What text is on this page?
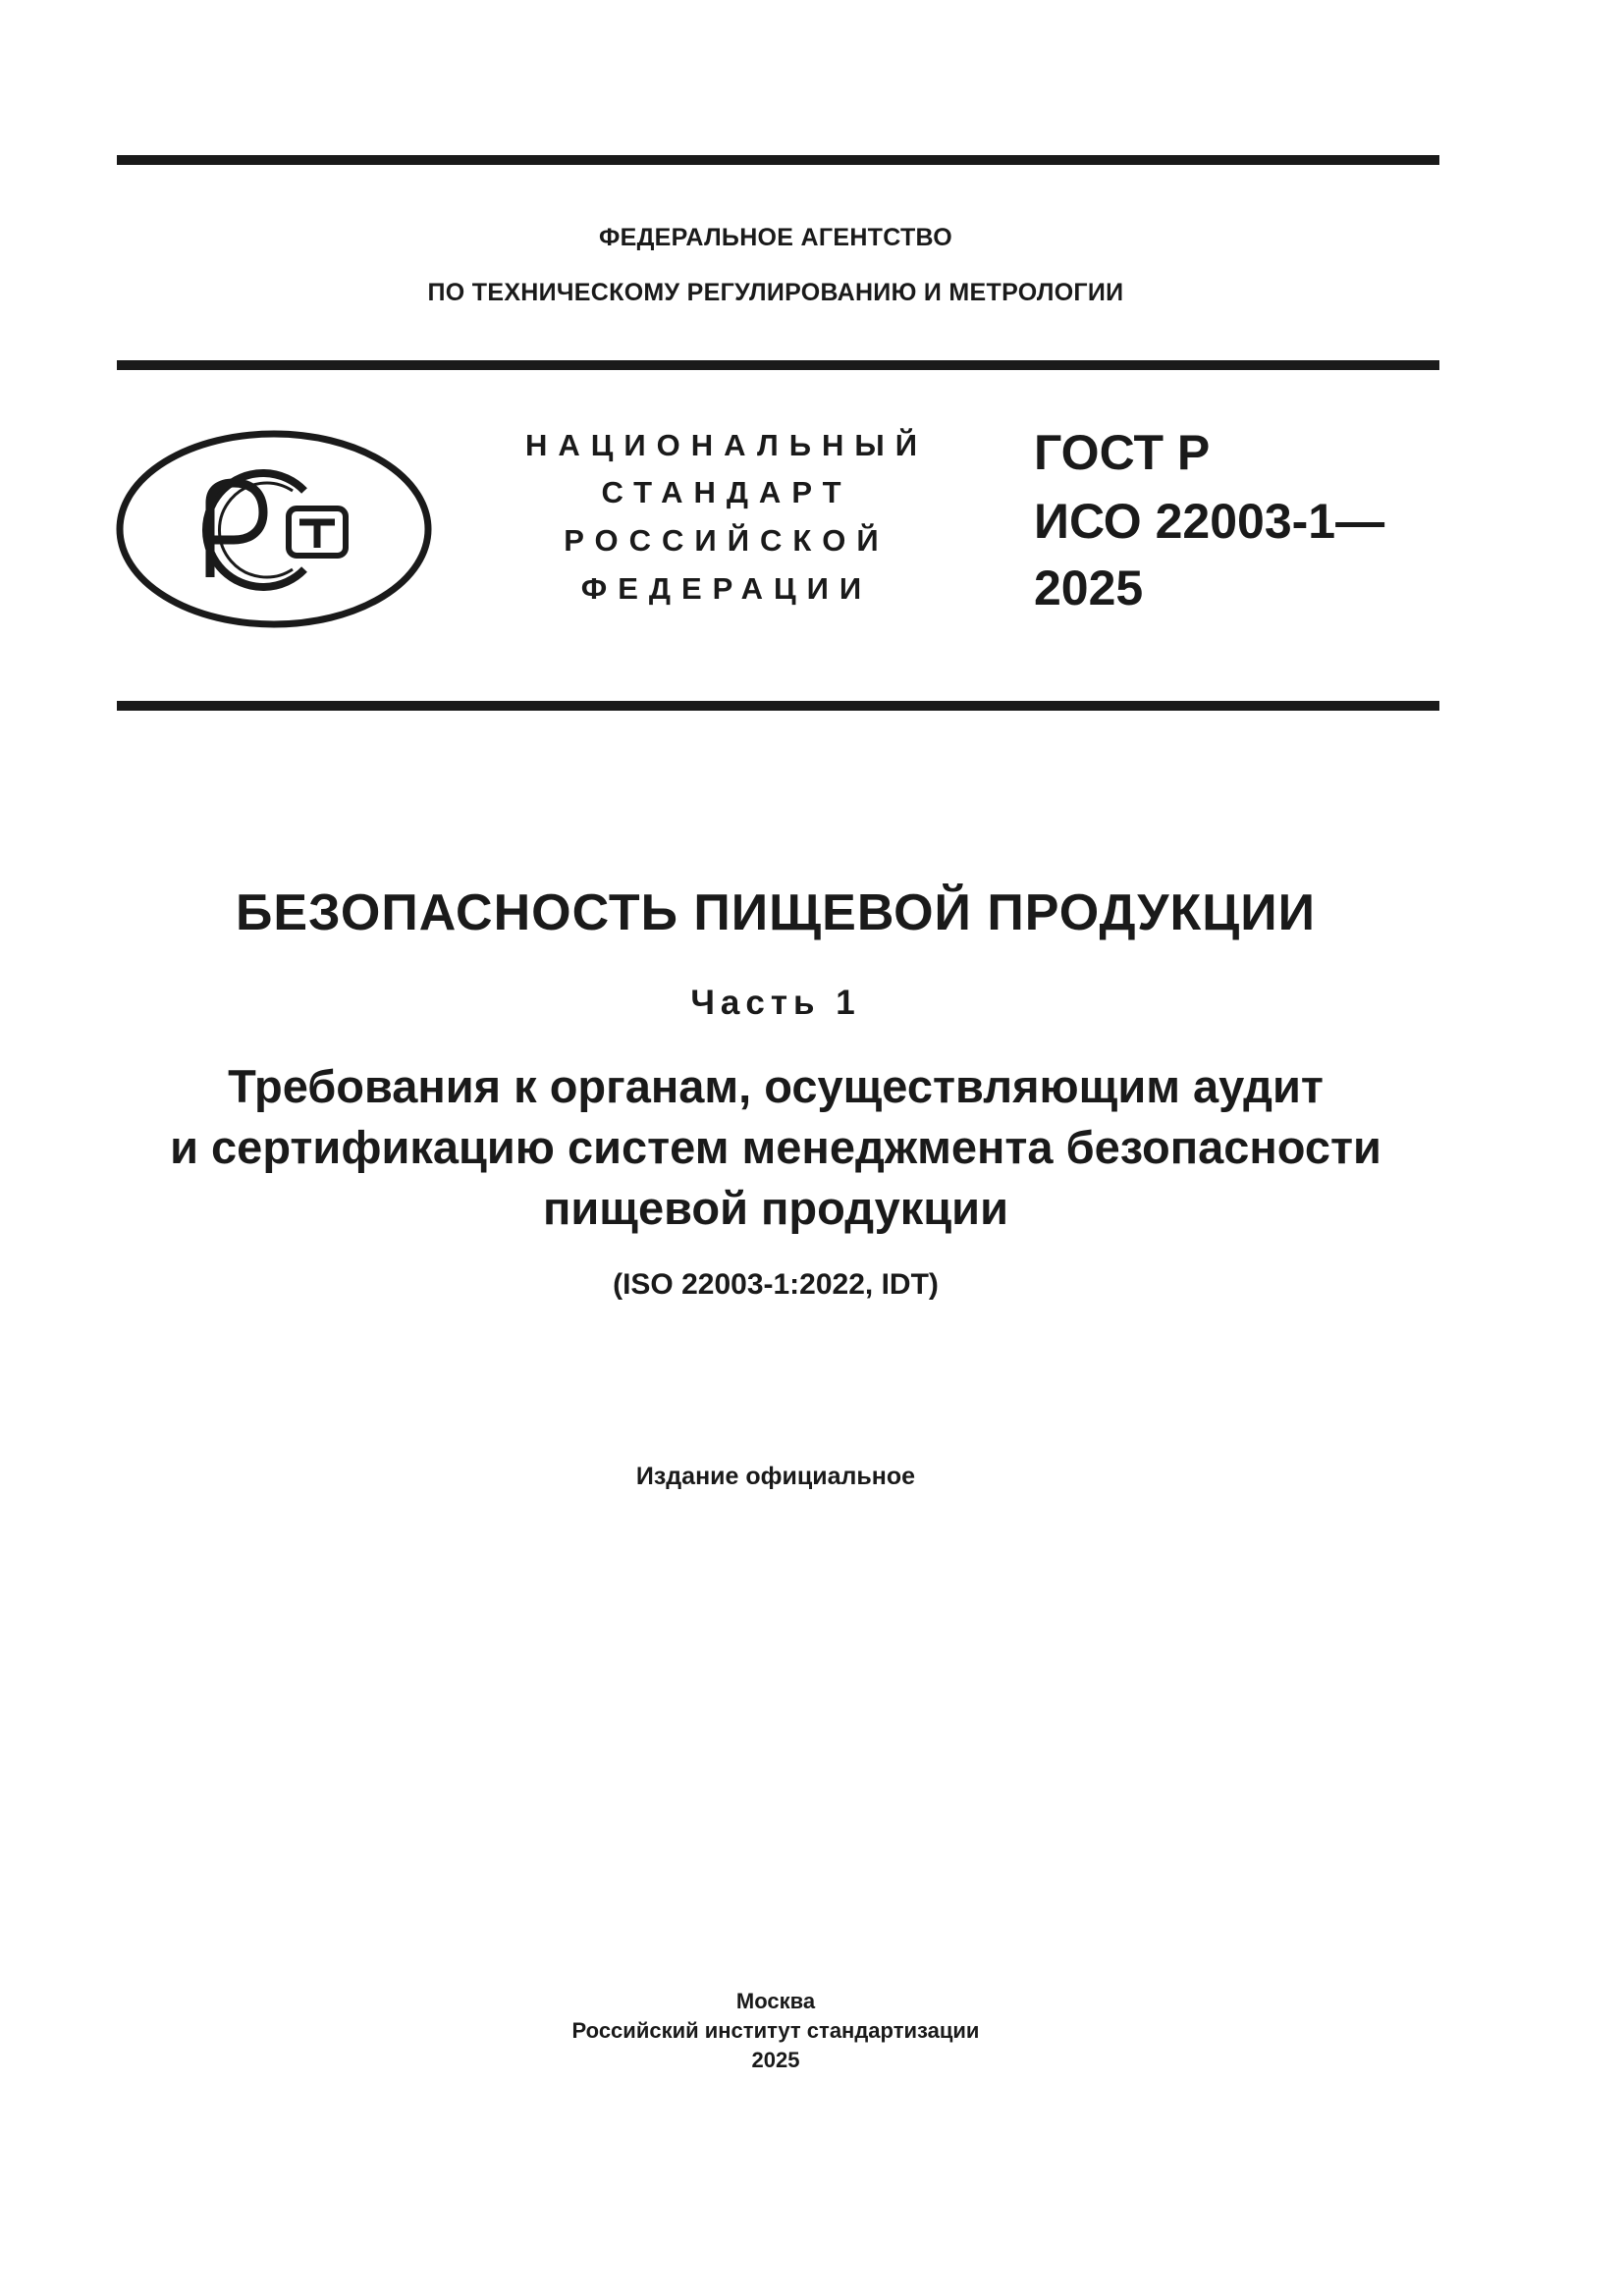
ФЕДЕРАЛЬНОЕ АГЕНТСТВО
ПО ТЕХНИЧЕСКОМУ РЕГУЛИРОВАНИЮ И МЕТРОЛОГИИ
НАЦИОНАЛЬНЫЙ
СТАНДАРТ
РОССИЙСКОЙ
ФЕДЕРАЦИИ
ГОСТ Р
ИСО 22003-1—
2025
БЕЗОПАСНОСТЬ ПИЩЕВОЙ ПРОДУКЦИИ
Часть 1
Требования к органам, осуществляющим аудит
и сертификацию систем менеджмента безопасности
пищевой продукции
(ISO 22003-1:2022, IDT)
Издание официальное
Москва
Российский институт стандартизации
2025
